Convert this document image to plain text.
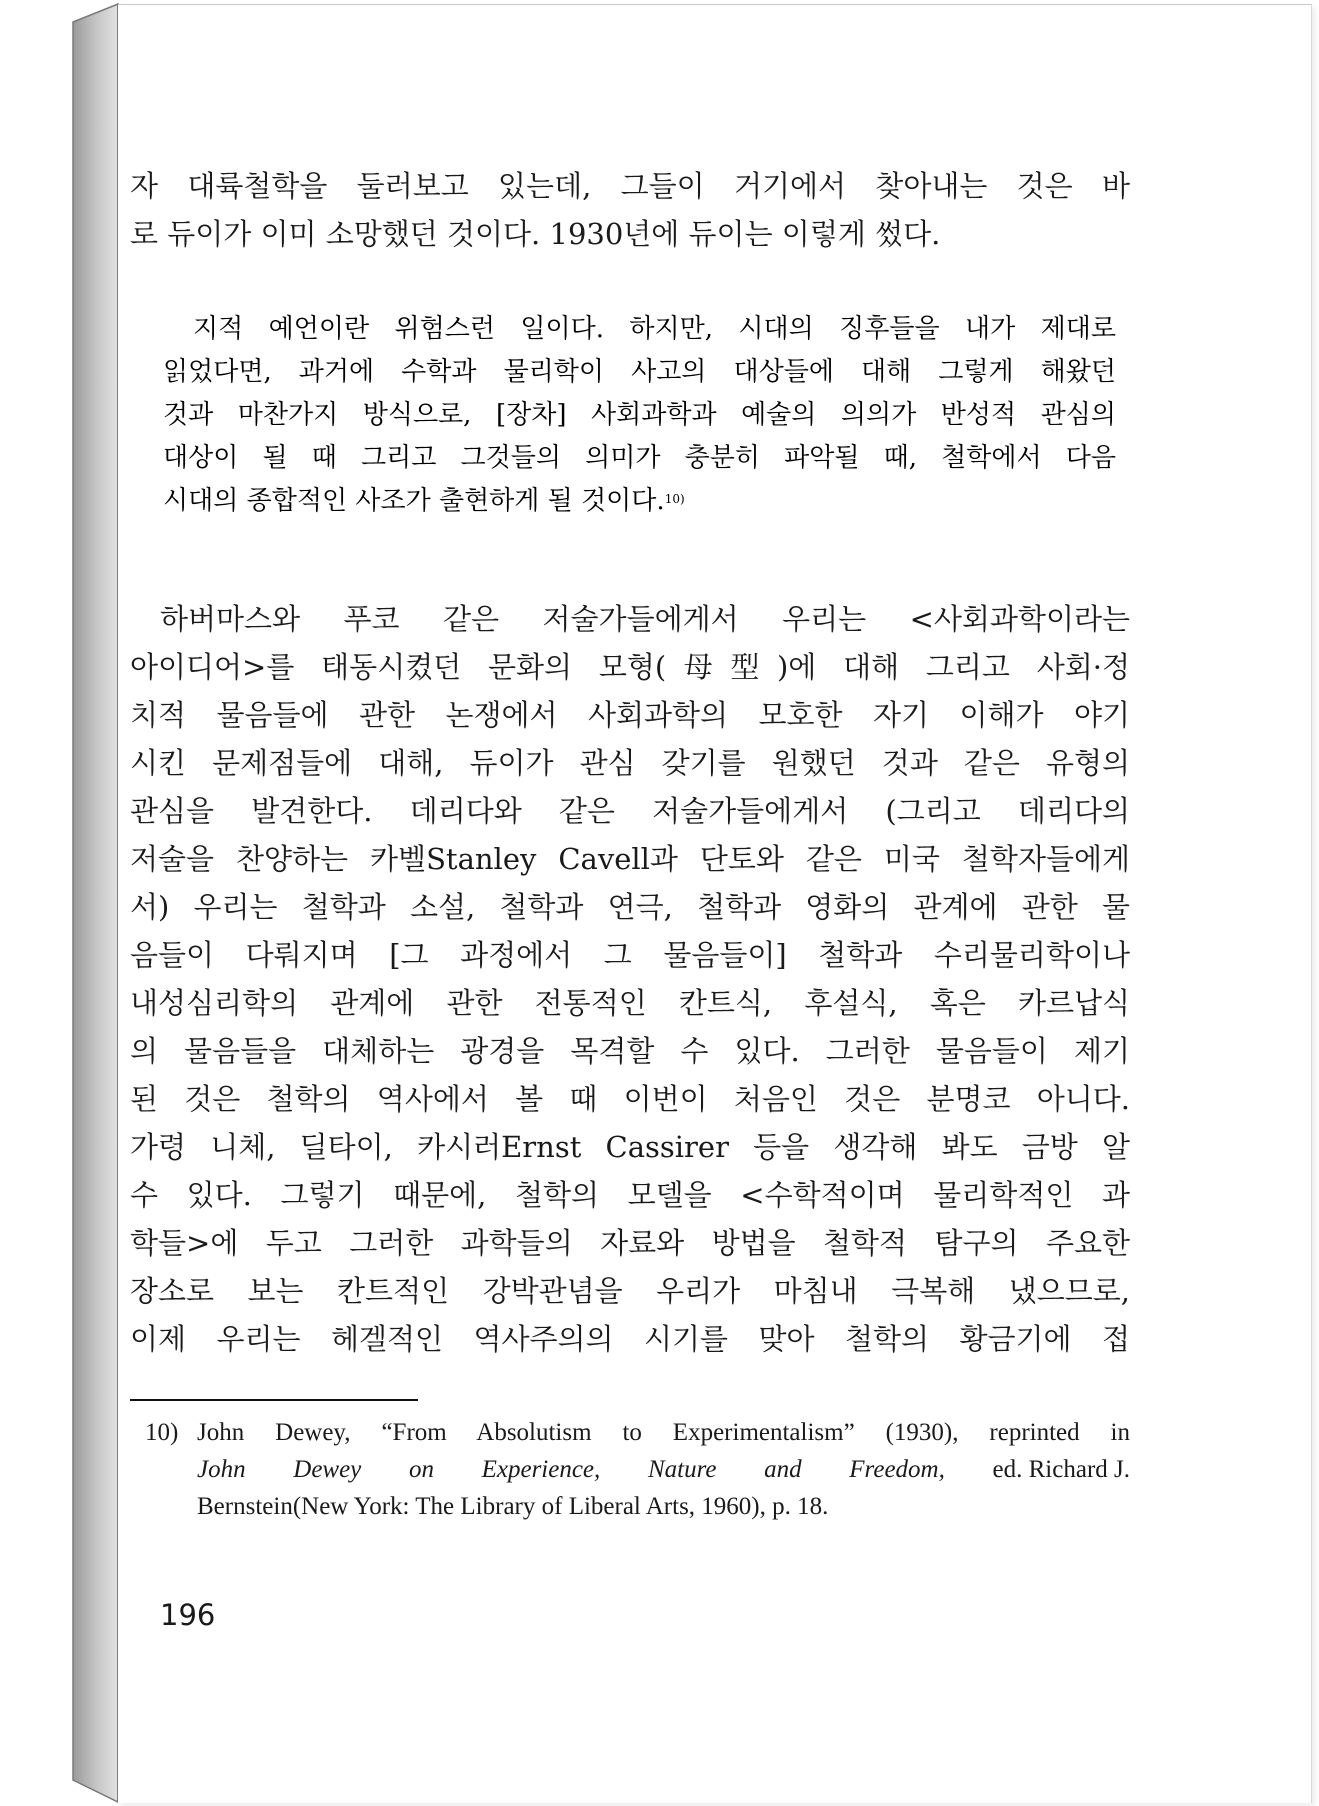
자 대륙철학을 둘러보고 있는데, 그들이 거기에서 찾아내는 것은 바
로 듀이가 이미 소망했던 것이다. 1930년에 듀이는 이렇게 썼다.
지적 예언이란 위험스런 일이다. 하지만, 시대의 징후들을 내가 제대로
읽었다면, 과거에 수학과 물리학이 사고의 대상들에 대해 그렇게 해왔던
것과 마찬가지 방식으로, [장차] 사회과학과 예술의 의의가 반성적 관심의
대상이 될 때 그리고 그것들의 의미가 충분히 파악될 때, 철학에서 다음
시대의 종합적인 사조가 출현하게 될 것이다. 10)
하버마스와 푸코 같은 저술가들에게서 우리는 <사회과학이라는
아이디어>를 태동시켰던 문화의 모형(母型)에 대해 그리고 사회·정
치적 물음들에 관한 논쟁에서 사회과학의 모호한 자기 이해가 야기
시킨 문제점들에 대해, 듀이가 관심 갖기를 원했던 것과 같은 유형의
관심을 발견한다. 데리다와 같은 저술가들에게서 (그리고 데리다의
저술을 찬양하는 카벨Stanley Cavell과 단토와 같은 미국 철학자들에게
서) 우리는 철학과 소설, 철학과 연극, 철학과 영화의 관계에 관한 물
음들이 다뤄지며 [그 과정에서 그 물음들이] 철학과 수리물리학이나
내성심리학의 관계에 관한 전통적인 칸트식, 후설식, 혹은 카르납식
의 물음들을 대체하는 광경을 목격할 수 있다. 그러한 물음들이 제기
된 것은 철학의 역사에서 볼 때 이번이 처음인 것은 분명코 아니다.
가령 니체, 딜타이, 카시러Ernst Cassirer 등을 생각해 봐도 금방 알
수 있다. 그렇기 때문에, 철학의 모델을 <수학적이며 물리학적인 과
학들>에 두고 그러한 과학들의 자료와 방법을 철학적 탐구의 주요한
장소로 보는 칸트적인 강박관념을 우리가 마침내 극복해 냈으므로,
이제 우리는 헤겔적인 역사주의의 시기를 맞아 철학의 황금기에 접
10) John Dewey, “From Absolutism to Experimentalism” (1930), reprinted in
John Dewey on Experience, Nature and Freedom, ed. Richard J.
Bernstein(New York: The Library of Liberal Arts, 1960), p. 18.
196
